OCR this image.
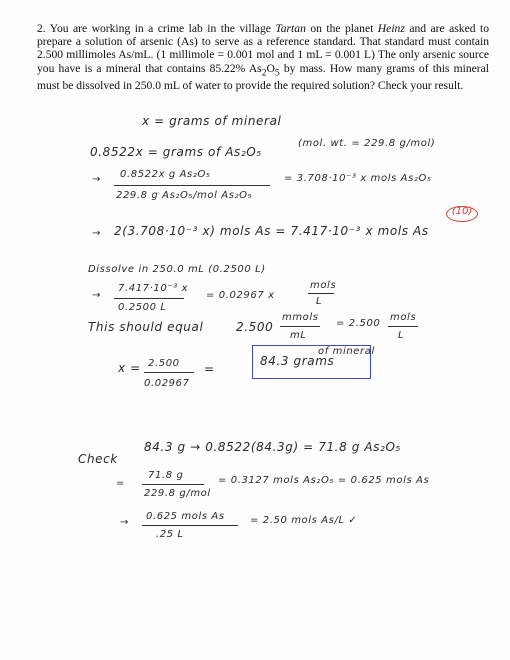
2. You are working in a crime lab in the village Tartan on the planet Heinz and are asked to prepare a solution of arsenic (As) to serve as a reference standard. That standard must contain 2.500 millimoles As/mL. (1 millimole = 0.001 mol and 1 mL = 0.001 L) The only arsenic source you have is a mineral that contains 85.22% $As_2O_5$ by mass. How many grams of this mineral must be dissolved in 250.0 mL of water to provide the required solution? Check your result.
x = grams of mineral
0.8522x = grams of As₂O₅
(mol. wt. = 229.8 g/mol)
→ 0.8522x g As₂O₅
229.8 g As₂O₅/mol As₂O₅
= 3.708·10⁻³ x mols As₂O₅
→ 2(3.708·10⁻³ x) mols As = 7.417·10⁻³ x mols As
(10)
Dissolve in 250.0 mL (0.2500 L)
→
7.417·10⁻³ x
0.2500 L
= 0.02967 x
mols
L
This should equal	2.500
mmols
mL
= 2.500
mols
L
x = 2.500
0.02967
=
84.3 grams
of mineral
Check
84.3 g → 0.8522(84.3g) = 71.8 g As₂O₅
=
71.8 g
229.8 g/mol
= 0.3127 mols As₂O₅ = 0.625 mols As
→
0.625 mols As
.25 L
= 2.50 mols As/L ✓
